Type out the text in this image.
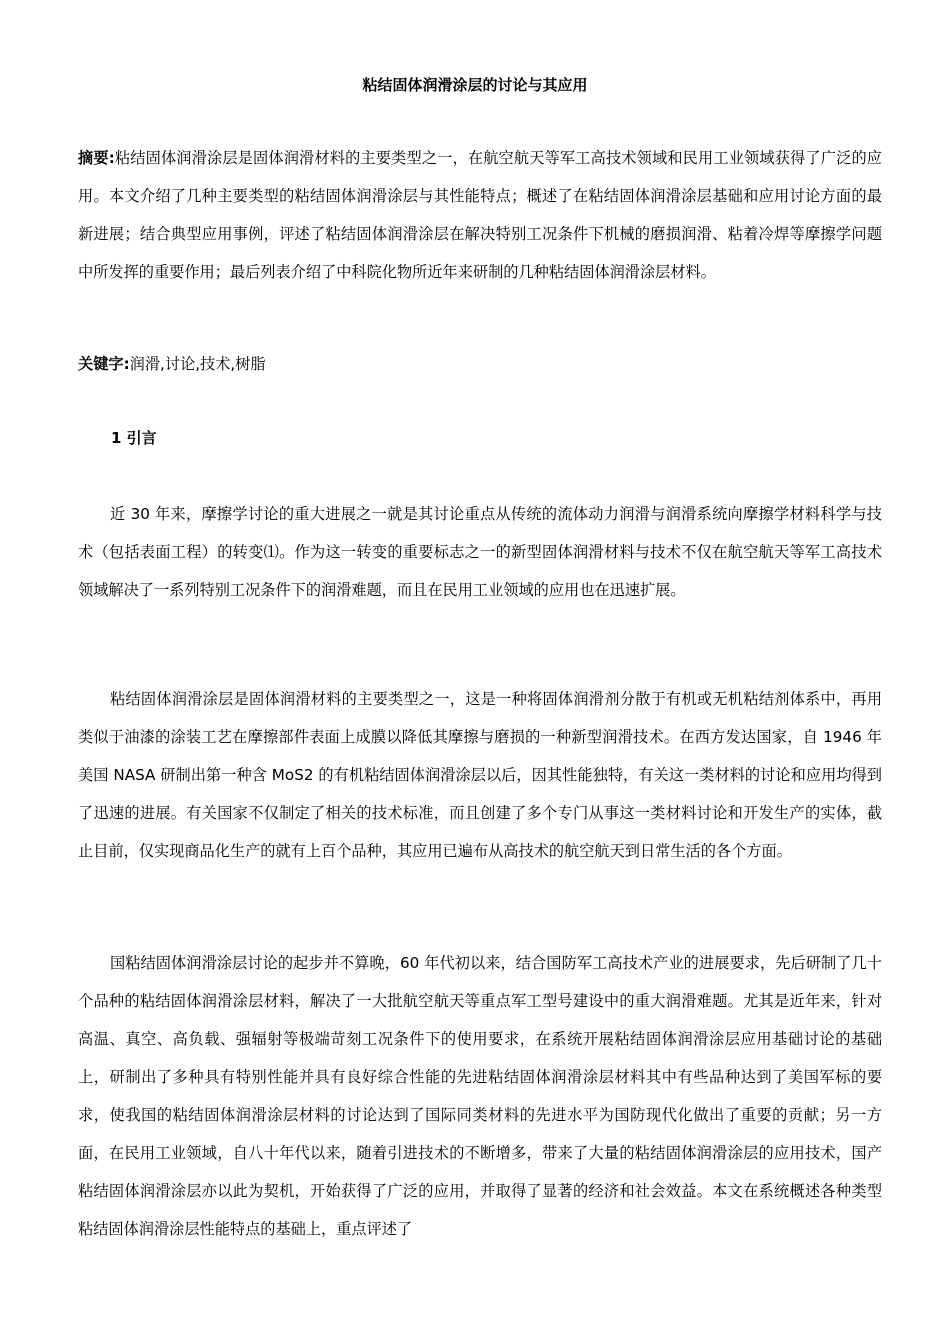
粘结固体润滑涂层的讨论与其应用
摘要:粘结固体润滑涂层是固体润滑材料的主要类型之一，在航空航天等军工高技术领域和民用工业领域获得了广泛的应用。本文介绍了几种主要类型的粘结固体润滑涂层与其性能特点；概述了在粘结固体润滑涂层基础和应用讨论方面的最新进展；结合典型应用事例，评述了粘结固体润滑涂层在解决特别工况条件下机械的磨损润滑、粘着冷焊等摩擦学问题中所发挥的重要作用；最后列表介绍了中科院化物所近年来研制的几种粘结固体润滑涂层材料。
关键字:润滑,讨论,技术,树脂
1 引言
近 30 年来，摩擦学讨论的重大进展之一就是其讨论重点从传统的流体动力润滑与润滑系统向摩擦学材料科学与技术（包括表面工程）的转变⑴。作为这一转变的重要标志之一的新型固体润滑材料与技术不仅在航空航天等军工高技术领域解决了一系列特别工况条件下的润滑难题，而且在民用工业领域的应用也在迅速扩展。
粘结固体润滑涂层是固体润滑材料的主要类型之一，这是一种将固体润滑剂分散于有机或无机粘结剂体系中，再用类似于油漆的涂装工艺在摩擦部件表面上成膜以降低其摩擦与磨损的一种新型润滑技术。在西方发达国家，自 1946 年美国 NASA 研制出第一种含 MoS2 的有机粘结固体润滑涂层以后，因其性能独特，有关这一类材料的讨论和应用均得到了迅速的进展。有关国家不仅制定了相关的技术标准，而且创建了多个专门从事这一类材料讨论和开发生产的实体，截止目前，仅实现商品化生产的就有上百个品种，其应用已遍布从高技术的航空航天到日常生活的各个方面。
国粘结固体润滑涂层讨论的起步并不算晚，60 年代初以来，结合国防军工高技术产业的进展要求，先后研制了几十个品种的粘结固体润滑涂层材料，解决了一大批航空航天等重点军工型号建设中的重大润滑难题。尤其是近年来，针对高温、真空、高负载、强辐射等极端苛刻工况条件下的使用要求，在系统开展粘结固体润滑涂层应用基础讨论的基础上，研制出了多种具有特别性能并具有良好综合性能的先进粘结固体润滑涂层材料其中有些品种达到了美国军标的要求，使我国的粘结固体润滑涂层材料的讨论达到了国际同类材料的先进水平为国防现代化做出了重要的贡献；另一方面，在民用工业领域，自八十年代以来，随着引进技术的不断增多，带来了大量的粘结固体润滑涂层的应用技术，国产粘结固体润滑涂层亦以此为契机，开始获得了广泛的应用，并取得了显著的经济和社会效益。本文在系统概述各种类型粘结固体润滑涂层性能特点的基础上，重点评述了
